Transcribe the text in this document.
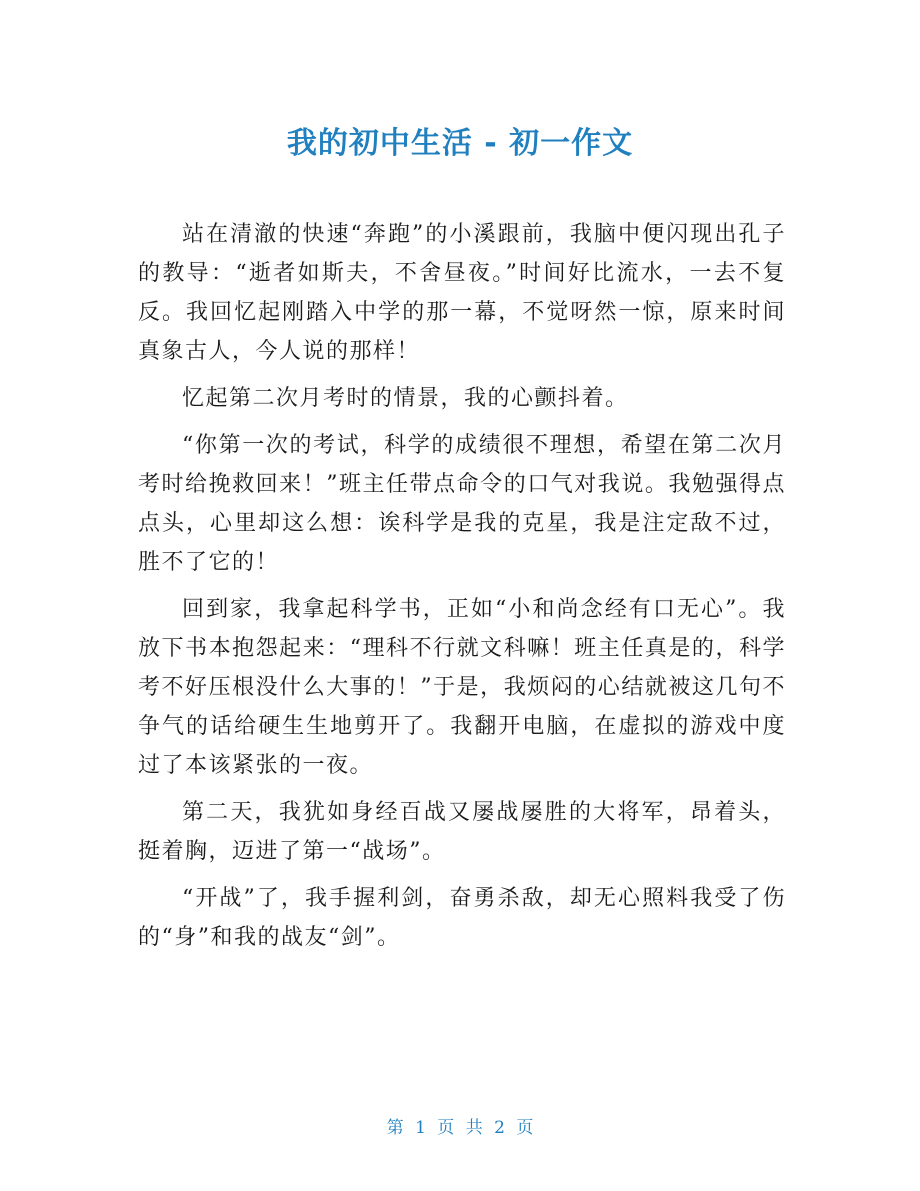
我的初中生活 - 初一作文

站在清澈的快速“奔跑”的小溪跟前，我脑中便闪现出孔子的教导：“逝者如斯夫，不舍昼夜。”时间好比流水，一去不复反。我回忆起刚踏入中学的那一幕，不觉呀然一惊，原来时间真象古人，今人说的那样！

忆起第二次月考时的情景，我的心颤抖着。

“你第一次的考试，科学的成绩很不理想，希望在第二次月考时给挽救回来！”班主任带点命令的口气对我说。我勉强得点点头，心里却这么想：诶科学是我的克星，我是注定敌不过，胜不了它的！

回到家，我拿起科学书，正如“小和尚念经有口无心”。我放下书本抱怨起来：“理科不行就文科嘛！班主任真是的，科学考不好压根没什么大事的！”于是，我烦闷的心结就被这几句不争气的话给硬生生地剪开了。我翻开电脑，在虚拟的游戏中度过了本该紧张的一夜。

第二天，我犹如身经百战又屡战屡胜的大将军，昂着头，挺着胸，迈进了第一“战场”。

“开战”了，我手握利剑，奋勇杀敌，却无心照料我受了伤的“身”和我的战友“剑”。

第 1 页 共 2 页
